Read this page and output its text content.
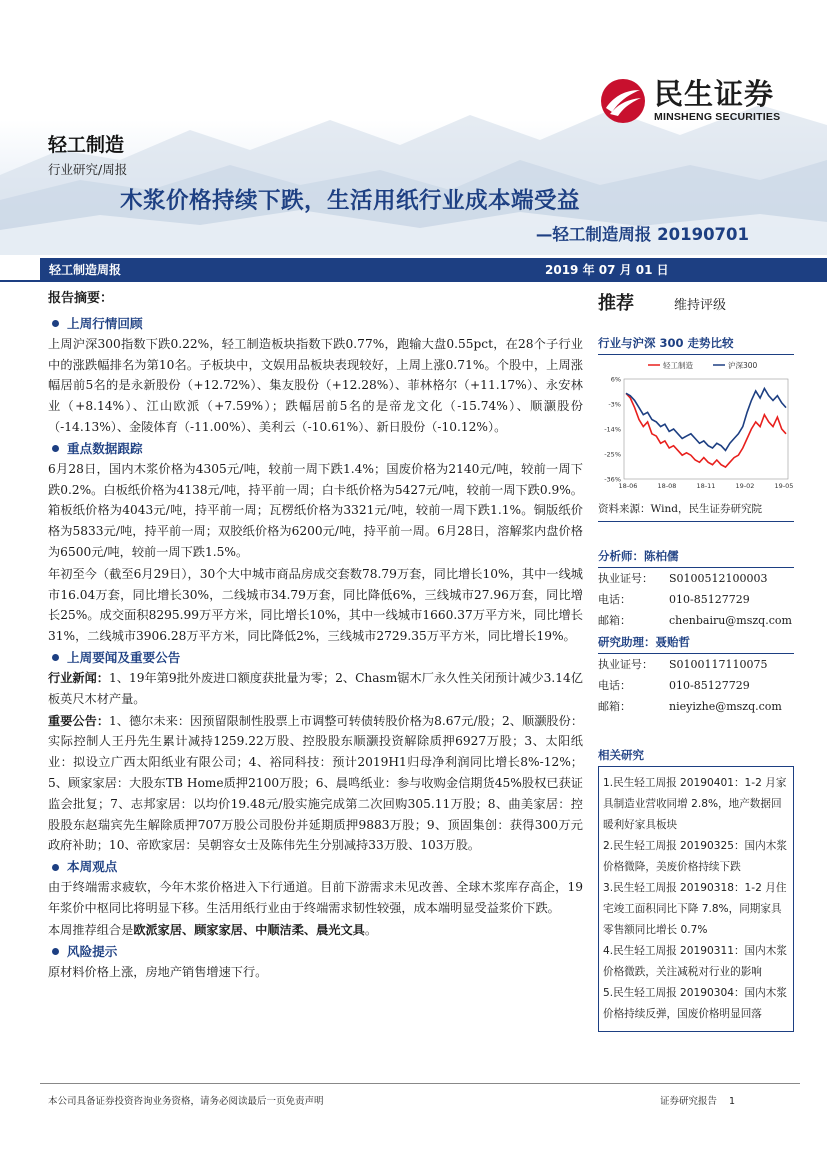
民生证券
MINSHENG SECURITIES
轻工制造
行业研究/周报
木浆价格持续下跌，生活用纸行业成本端受益
—轻工制造周报 20190701
轻工制造周报	2019 年 07 月 01 日
报告摘要：
上周行情回顾

上周沪深300指数下跌0.22%，轻工制造板块指数下跌0.77%，跑输大盘0.55pct，在28个子行业中的涨跌幅排名为第10名。子板块中，文娱用品板块表现较好，上周上涨0.71%。个股中，上周涨幅居前5名的是永新股份（+12.72%）、集友股份（+12.28%）、菲林格尔（+11.17%）、永安林业（+8.14%）、江山欧派（+7.59%）；跌幅居前5名的是帝龙文化（-15.74%）、顺灏股份（-14.13%）、金陵体育（-11.00%）、美利云（-10.61%）、新日股份（-10.12%）。

重点数据跟踪

6月28日，国内木浆价格为4305元/吨，较前一周下跌1.4%；国废价格为2140元/吨，较前一周下跌0.2%。白板纸价格为4138元/吨，持平前一周；白卡纸价格为5427元/吨，较前一周下跌0.9%。箱板纸价格为4043元/吨，持平前一周；瓦楞纸价格为3321元/吨，较前一周下跌1.1%。铜版纸价格为5833元/吨，持平前一周；双胶纸价格为6200元/吨，持平前一周。6月28日，溶解浆内盘价格为6500元/吨，较前一周下跌1.5%。

年初至今（截至6月29日），30个大中城市商品房成交套数78.79万套，同比增长10%，其中一线城市16.04万套，同比增长30%，二线城市34.79万套，同比降低6%，三线城市27.96万套，同比增长25%。成交面积8295.99万平方米，同比增长10%，其中一线城市1660.37万平方米，同比增长31%，二线城市3906.28万平方米，同比降低2%，三线城市2729.35万平方米，同比增长19%。

上周要闻及重要公告

行业新闻：1、19年第9批外废进口额度获批量为零；2、Chasm锯木厂永久性关闭预计减少3.14亿板英尺木材产量。

重要公告：1、德尔未来：因预留限制性股票上市调整可转债转股价格为8.67元/股；2、顺灏股份：实际控制人王丹先生累计减持1259.22万股、控股股东顺灏投资解除质押6927万股；3、太阳纸业：拟设立广西太阳纸业有限公司；4、裕同科技：预计2019H1归母净利润同比增长8%-12%；5、顾家家居：大股东TB Home质押2100万股；6、晨鸣纸业：参与收购金信期货45%股权已获证监会批复；7、志邦家居：以均价19.48元/股实施完成第二次回购305.11万股；8、曲美家居：控股股东赵瑞宾先生解除质押707万股公司股份并延期质押9883万股；9、顶固集创：获得300万元政府补助；10、帝欧家居：吴朝容女士及陈伟先生分别减持33万股、103万股。

本周观点

由于终端需求疲软，今年木浆价格进入下行通道。目前下游需求未见改善、全球木浆库存高企，19年浆价中枢同比将明显下移。生活用纸行业由于终端需求韧性较强，成本端明显受益浆价下跌。

本周推荐组合是欧派家居、顾家家居、中顺洁柔、晨光文具。

风险提示

原材料价格上涨，房地产销售增速下行。

推荐	维持评级
行业与沪深 300 走势比较
轻工制造	沪深300
6%
-3%
-14%
-25%
-36%
18-06	18-08	18-11	19-02	19-05
资料来源：Wind，民生证券研究院
分析师：陈柏儒
执业证号：	S0100512100003
电话：	010-85127729
邮箱：	chenbairu@mszq.com
研究助理：聂贻哲
执业证号：	S0100117110075
电话：	010-85127729
邮箱：	nieyizhe@mszq.com
相关研究
1.民生轻工周报 20190401：1-2 月家具制造业营收同增 2.8%，地产数据回暖利好家具板块
2.民生轻工周报 20190325：国内木浆价格微降，美废价格持续下跌
3.民生轻工周报 20190318：1-2 月住宅竣工面积同比下降 7.8%，同期家具零售额同比增长 0.7%
4.民生轻工周报 20190311：国内木浆价格微跌，关注减税对行业的影响
5.民生轻工周报 20190304：国内木浆价格持续反弹，国废价格明显回落
本公司具备证券投资咨询业务资格，请务必阅读最后一页免责声明	证券研究报告 1
